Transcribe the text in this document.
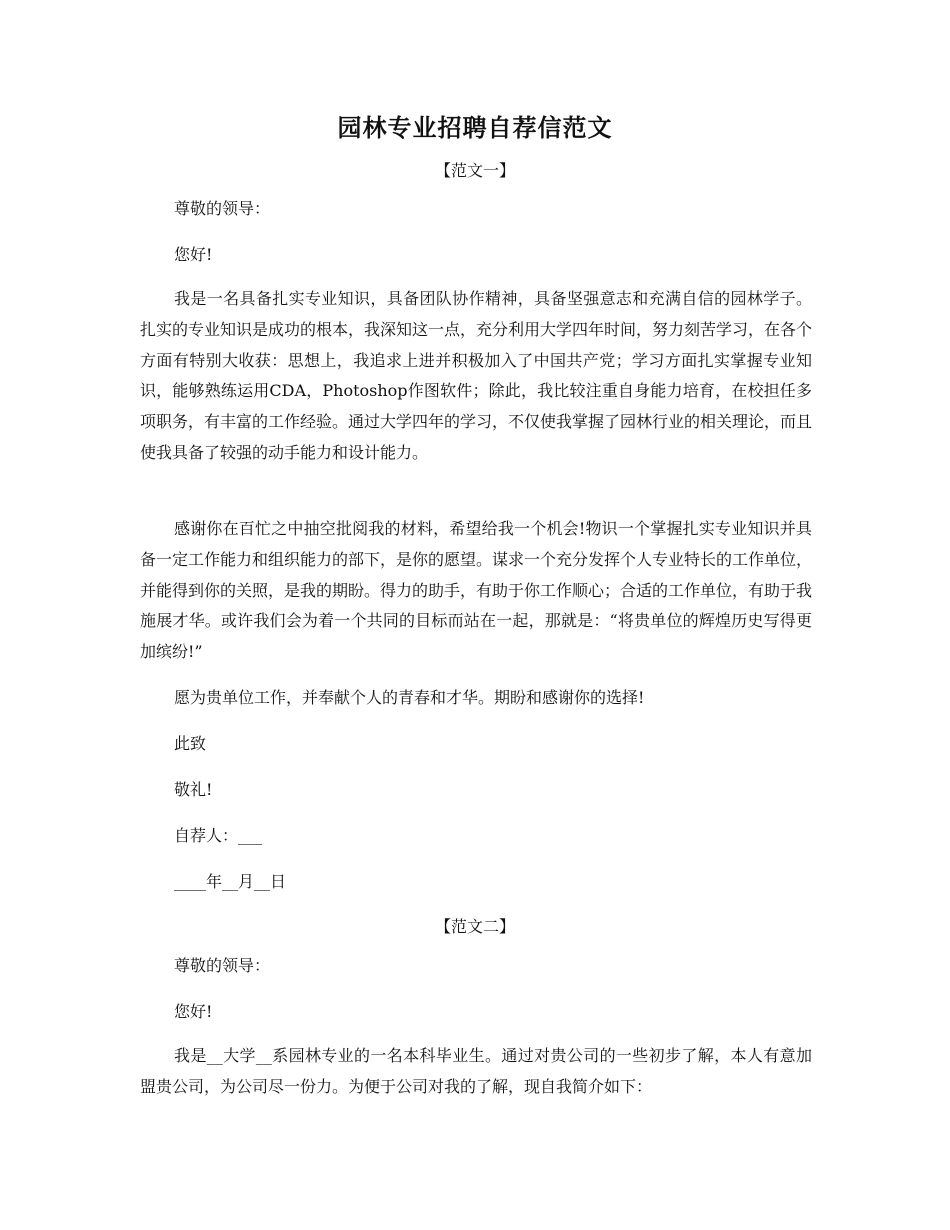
园林专业招聘自荐信范文
【范文一】
尊敬的领导：
您好!

我是一名具备扎实专业知识，具备团队协作精神，具备坚强意志和充满自信的园林学子。扎实的专业知识是成功的根本，我深知这一点，充分利用大学四年时间，努力刻苦学习，在各个方面有特别大收获：思想上，我追求上进并积极加入了中国共产党；学习方面扎实掌握专业知识，能够熟练运用CDA，Photoshop作图软件；除此，我比较注重自身能力培育，在校担任多项职务，有丰富的工作经验。通过大学四年的学习，不仅使我掌握了园林行业的相关理论，而且使我具备了较强的动手能力和设计能力。

感谢你在百忙之中抽空批阅我的材料，希望给我一个机会!物识一个掌握扎实专业知识并具备一定工作能力和组织能力的部下，是你的愿望。谋求一个充分发挥个人专业特长的工作单位，并能得到你的关照，是我的期盼。得力的助手，有助于你工作顺心；合适的工作单位，有助于我施展才华。或许我们会为着一个共同的目标而站在一起，那就是：“将贵单位的辉煌历史写得更加缤纷!”

愿为贵单位工作，并奉献个人的青春和才华。期盼和感谢你的选择!
此致
敬礼!
自荐人：___
____年__月__日
【范文二】
尊敬的领导：
您好!

我是__大学__系园林专业的一名本科毕业生。通过对贵公司的一些初步了解，本人有意加盟贵公司，为公司尽一份力。为便于公司对我的了解，现自我简介如下：
